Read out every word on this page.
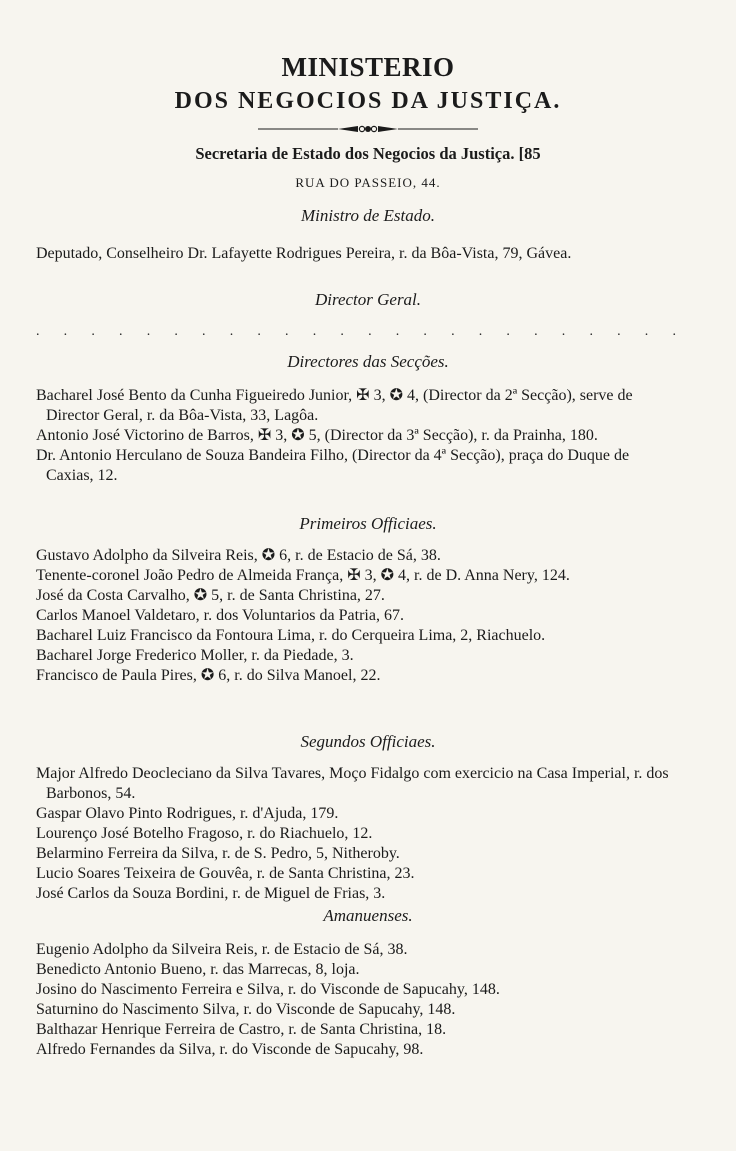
MINISTERIO
DOS NEGOCIOS DA JUSTIÇA.
Secretaria de Estado dos Negocios da Justiça. [85
RUA DO PASSEIO, 44.
Ministro de Estado.

Deputado, Conselheiro Dr. Lafayette Rodrigues Pereira, r. da Bôa-Vista, 79, Gávea.

Director Geral.
. . . . . . . . . . . . . . . . . . . . . . . .
Directores das Secções.

Bacharel José Bento da Cunha Figueiredo Junior, ✠ 3, ✪ 4, (Director da 2ª Secção), serve de Director Geral, r. da Bôa-Vista, 33, Lagôa.

Antonio José Victorino de Barros, ✠ 3, ✪ 5, (Director da 3ª Secção), r. da Prainha, 180.

Dr. Antonio Herculano de Souza Bandeira Filho, (Director da 4ª Secção), praça do Duque de Caxias, 12.

Primeiros Officiaes.

Gustavo Adolpho da Silveira Reis, ✪ 6, r. de Estacio de Sá, 38.

Tenente-coronel João Pedro de Almeida França, ✠ 3, ✪ 4, r. de D. Anna Nery, 124.

José da Costa Carvalho, ✪ 5, r. de Santa Christina, 27.

Carlos Manoel Valdetaro, r. dos Voluntarios da Patria, 67.

Bacharel Luiz Francisco da Fontoura Lima, r. do Cerqueira Lima, 2, Riachuelo.

Bacharel Jorge Frederico Moller, r. da Piedade, 3.

Francisco de Paula Pires, ✪ 6, r. do Silva Manoel, 22.

Segundos Officiaes.

Major Alfredo Deocleciano da Silva Tavares, Moço Fidalgo com exercicio na Casa Imperial, r. dos Barbonos, 54.

Gaspar Olavo Pinto Rodrigues, r. d'Ajuda, 179.

Lourenço José Botelho Fragoso, r. do Riachuelo, 12.

Belarmino Ferreira da Silva, r. de S. Pedro, 5, Nitheroby.

Lucio Soares Teixeira de Gouvêa, r. de Santa Christina, 23.

José Carlos da Souza Bordini, r. de Miguel de Frias, 3.

Amanuenses.

Eugenio Adolpho da Silveira Reis, r. de Estacio de Sá, 38.

Benedicto Antonio Bueno, r. das Marrecas, 8, loja.

Josino do Nascimento Ferreira e Silva, r. do Visconde de Sapucahy, 148.

Saturnino do Nascimento Silva, r. do Visconde de Sapucahy, 148.

Balthazar Henrique Ferreira de Castro, r. de Santa Christina, 18.

Alfredo Fernandes da Silva, r. do Visconde de Sapucahy, 98.
